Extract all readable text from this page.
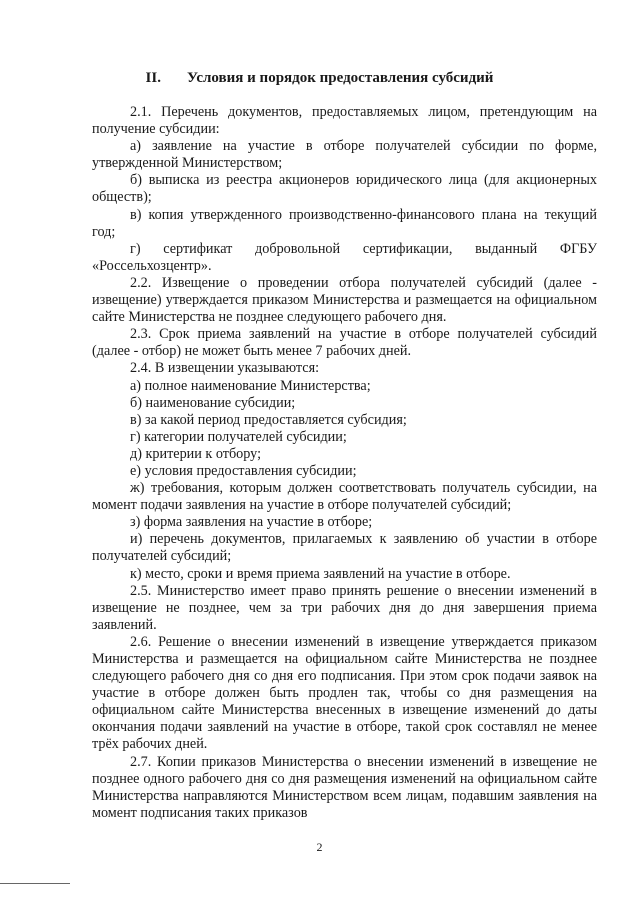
II. Условия и порядок предоставления субсидий

2.1. Перечень документов, предоставляемых лицом, претендующим на получение субсидии:

а) заявление на участие в отборе получателей субсидии по форме, утвержденной Министерством;

б) выписка из реестра акционеров юридического лица (для акционерных обществ);

в) копия утвержденного производственно-финансового плана на текущий год;

г) сертификат добровольной сертификации, выданный ФГБУ «Россельхозцентр».

2.2. Извещение о проведении отбора получателей субсидий (далее - извещение) утверждается приказом Министерства и размещается на официальном сайте Министерства не позднее следующего рабочего дня.

2.3. Срок приема заявлений на участие в отборе получателей субсидий (далее - отбор) не может быть менее 7 рабочих дней.

2.4. В извещении указываются:

а) полное наименование Министерства;

б) наименование субсидии;

в) за какой период предоставляется субсидия;

г) категории получателей субсидии;

д) критерии к отбору;

е) условия предоставления субсидии;

ж) требования, которым должен соответствовать получатель субсидии, на момент подачи заявления на участие в отборе получателей субсидий;

з) форма заявления на участие в отборе;

и) перечень документов, прилагаемых к заявлению об участии в отборе получателей субсидий;

к) место, сроки и время приема заявлений на участие в отборе.

2.5. Министерство имеет право принять решение о внесении изменений в извещение не позднее, чем за три рабочих дня до дня завершения приема заявлений.

2.6. Решение о внесении изменений в извещение утверждается приказом Министерства и размещается на официальном сайте Министерства не позднее следующего рабочего дня со дня его подписания. При этом срок подачи заявок на участие в отборе должен быть продлен так, чтобы со дня размещения на официальном сайте Министерства внесенных в извещение изменений до даты окончания подачи заявлений на участие в отборе, такой срок составлял не менее трёх рабочих дней.

2.7. Копии приказов Министерства о внесении изменений в извещение не позднее одного рабочего дня со дня размещения изменений на официальном сайте Министерства направляются Министерством всем лицам, подавшим заявления на момент подписания таких приказов

2
